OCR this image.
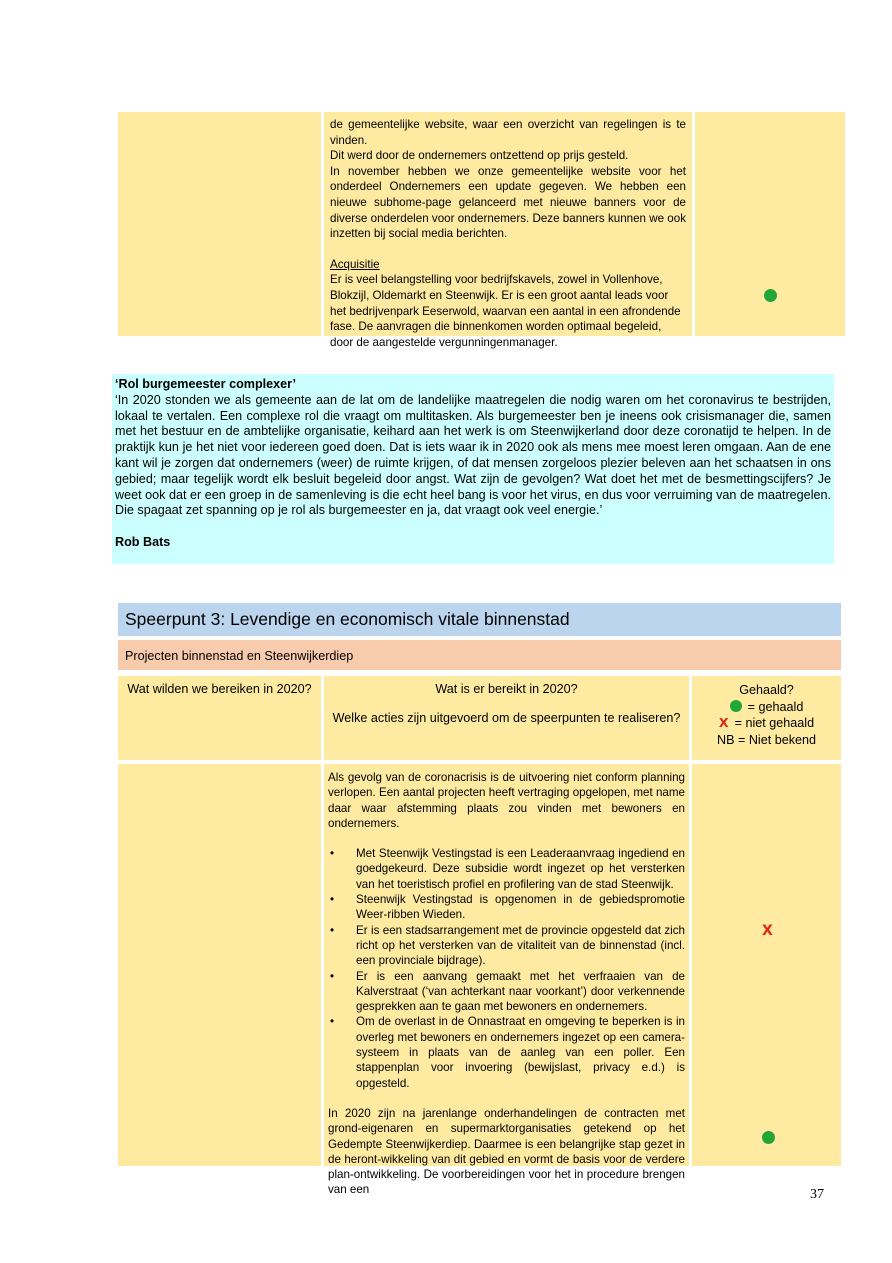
de gemeentelijke website, waar een overzicht van regelingen is te vinden.

Dit werd door de ondernemers ontzettend op prijs gesteld.

In november hebben we onze gemeentelijke website voor het onderdeel Ondernemers een update gegeven. We hebben een nieuwe subhome-page gelanceerd met nieuwe banners voor de diverse onderdelen voor ondernemers. Deze banners kunnen we ook inzetten bij social media berichten.

Acquisitie

Er is veel belangstelling voor bedrijfskavels, zowel in Vollenhove, Blokzijl, Oldemarkt en Steenwijk. Er is een groot aantal leads voor het bedrijvenpark Eeserwold, waarvan een aantal in een afrondende fase. De aanvragen die binnenkomen worden optimaal begeleid, door de aangestelde vergunningenmanager.

‘Rol burgemeester complexer’

‘In 2020 stonden we als gemeente aan de lat om de landelijke maatregelen die nodig waren om het coronavirus te bestrijden, lokaal te vertalen. Een complexe rol die vraagt om multitasken. Als burgemeester ben je ineens ook crisismanager die, samen met het bestuur en de ambtelijke organisatie, keihard aan het werk is om Steenwijkerland door deze coronatijd te helpen. In de praktijk kun je het niet voor iedereen goed doen. Dat is iets waar ik in 2020 ook als mens mee moest leren omgaan. Aan de ene kant wil je zorgen dat ondernemers (weer) de ruimte krijgen, of dat mensen zorgeloos plezier beleven aan het schaatsen in ons gebied; maar tegelijk wordt elk besluit begeleid door angst. Wat zijn de gevolgen? Wat doet het met de besmettingscijfers? Je weet ook dat er een groep in de samenleving is die echt heel bang is voor het virus, en dus voor verruiming van de maatregelen. Die spagaat zet spanning op je rol als burgemeester en ja, dat vraagt ook veel energie.’

Rob Bats

Speerpunt 3: Levendige en economisch vitale binnenstad
Projecten binnenstad en Steenwijkerdiep
Wat wilden we bereiken in 2020?	Wat is er bereikt in 2020?

Welke acties zijn uitgevoerd om de speerpunten te realiseren?

Gehaald?

= gehaald

X = niet gehaald

NB = Niet bekend

Als gevolg van de coronacrisis is de uitvoering niet conform planning verlopen. Een aantal projecten heeft vertraging opgelopen, met name daar waar afstemming plaats zou vinden met bewoners en ondernemers.

• Met Steenwijk Vestingstad is een Leaderaanvraag ingediend en goedgekeurd. Deze subsidie wordt ingezet op het versterken van het toeristisch profiel en profilering van de stad Steenwijk.
• Steenwijk Vestingstad is opgenomen in de gebiedspromotie Weer-ribben Wieden.
• Er is een stadsarrangement met de provincie opgesteld dat zich richt op het versterken van de vitaliteit van de binnenstad (incl. een provinciale bijdrage).
• Er is een aanvang gemaakt met het verfraaien van de Kalverstraat (‘van achterkant naar voorkant’) door verkennende gesprekken aan te gaan met bewoners en ondernemers.
• Om de overlast in de Onnastraat en omgeving te beperken is in overleg met bewoners en ondernemers ingezet op een camera-systeem in plaats van de aanleg van een poller. Een stappenplan voor invoering (bewijslast, privacy e.d.) is opgesteld.

In 2020 zijn na jarenlange onderhandelingen de contracten met grond-eigenaren en supermarktorganisaties getekend op het Gedempte Steenwijkerdiep. Daarmee is een belangrijke stap gezet in de heront-wikkeling van dit gebied en vormt de basis voor de verdere plan-ontwikkeling. De voorbereidingen voor het in procedure brengen van een

X
37
